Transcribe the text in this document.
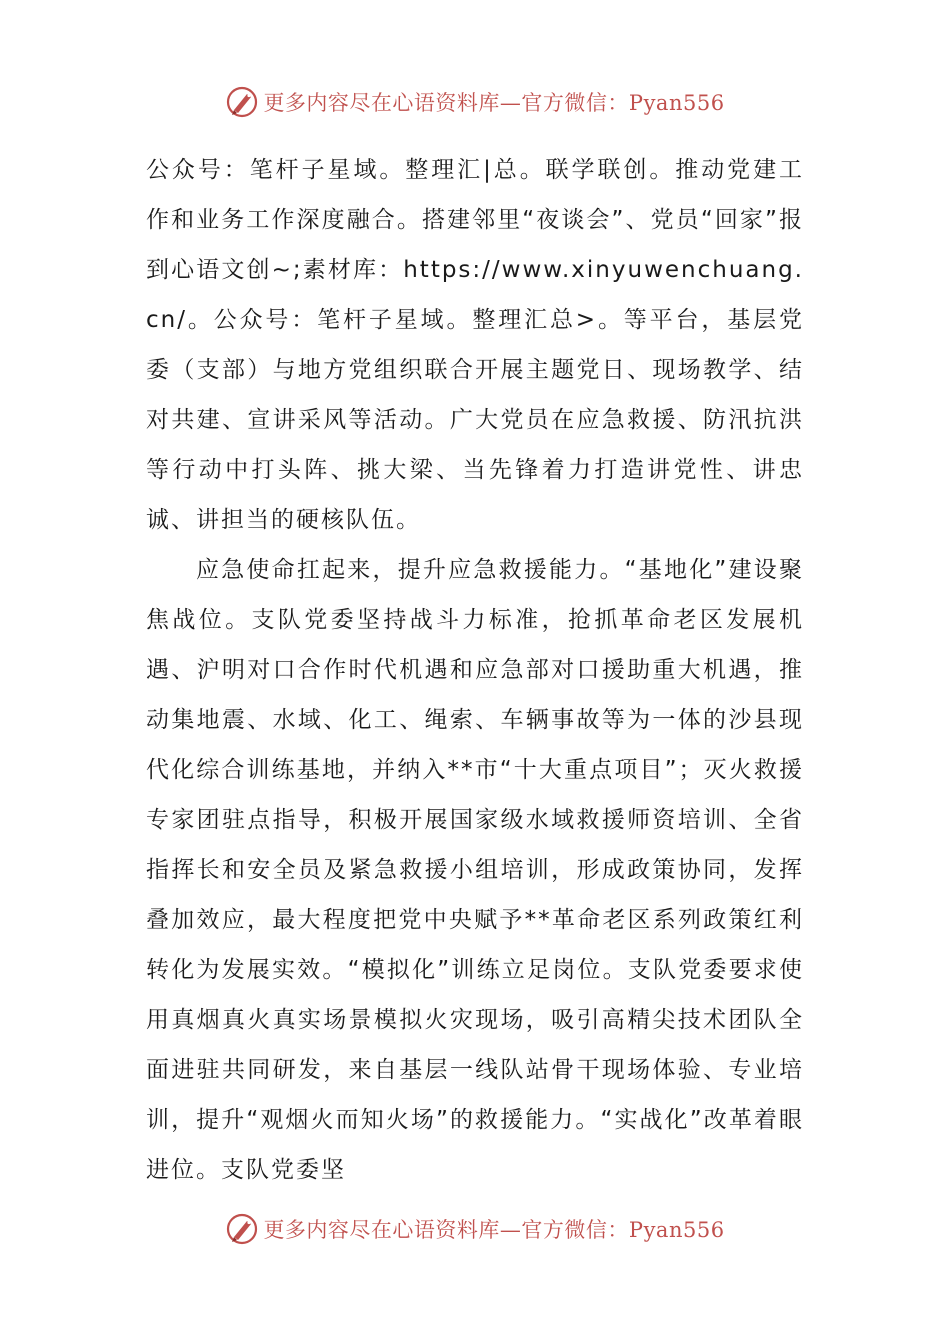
更多内容尽在心语资料库—官方微信：Pyan556

公众号：笔杆子星域。整理汇|总。联学联创。推动党建工作和业务工作深度融合。搭建邻里“夜谈会”、党员“回家”报到心语文创~;素材库：https://www.xinyuwenchuang.cn/。公众号：笔杆子星域。整理汇总>。等平台，基层党委（支部）与地方党组织联合开展主题党日、现场教学、结对共建、宣讲采风等活动。广大党员在应急救援、防汛抗洪等行动中打头阵、挑大梁、当先锋着力打造讲党性、讲忠诚、讲担当的硬核队伍。

应急使命扛起来，提升应急救援能力。“基地化”建设聚焦战位。支队党委坚持战斗力标准，抢抓革命老区发展机遇、沪明对口合作时代机遇和应急部对口援助重大机遇，推动集地震、水域、化工、绳索、车辆事故等为一体的沙县现代化综合训练基地，并纳入**市“十大重点项目”；灭火救援专家团驻点指导，积极开展国家级水域救援师资培训、全省指挥长和安全员及紧急救援小组培训，形成政策协同，发挥叠加效应，最大程度把党中央赋予**革命老区系列政策红利转化为发展实效。“模拟化”训练立足岗位。支队党委要求使用真烟真火真实场景模拟火灾现场，吸引高精尖技术团队全面进驻共同研发，来自基层一线队站骨干现场体验、专业培训，提升“观烟火而知火场”的救援能力。“实战化”改革着眼进位。支队党委坚

更多内容尽在心语资料库—官方微信：Pyan556
